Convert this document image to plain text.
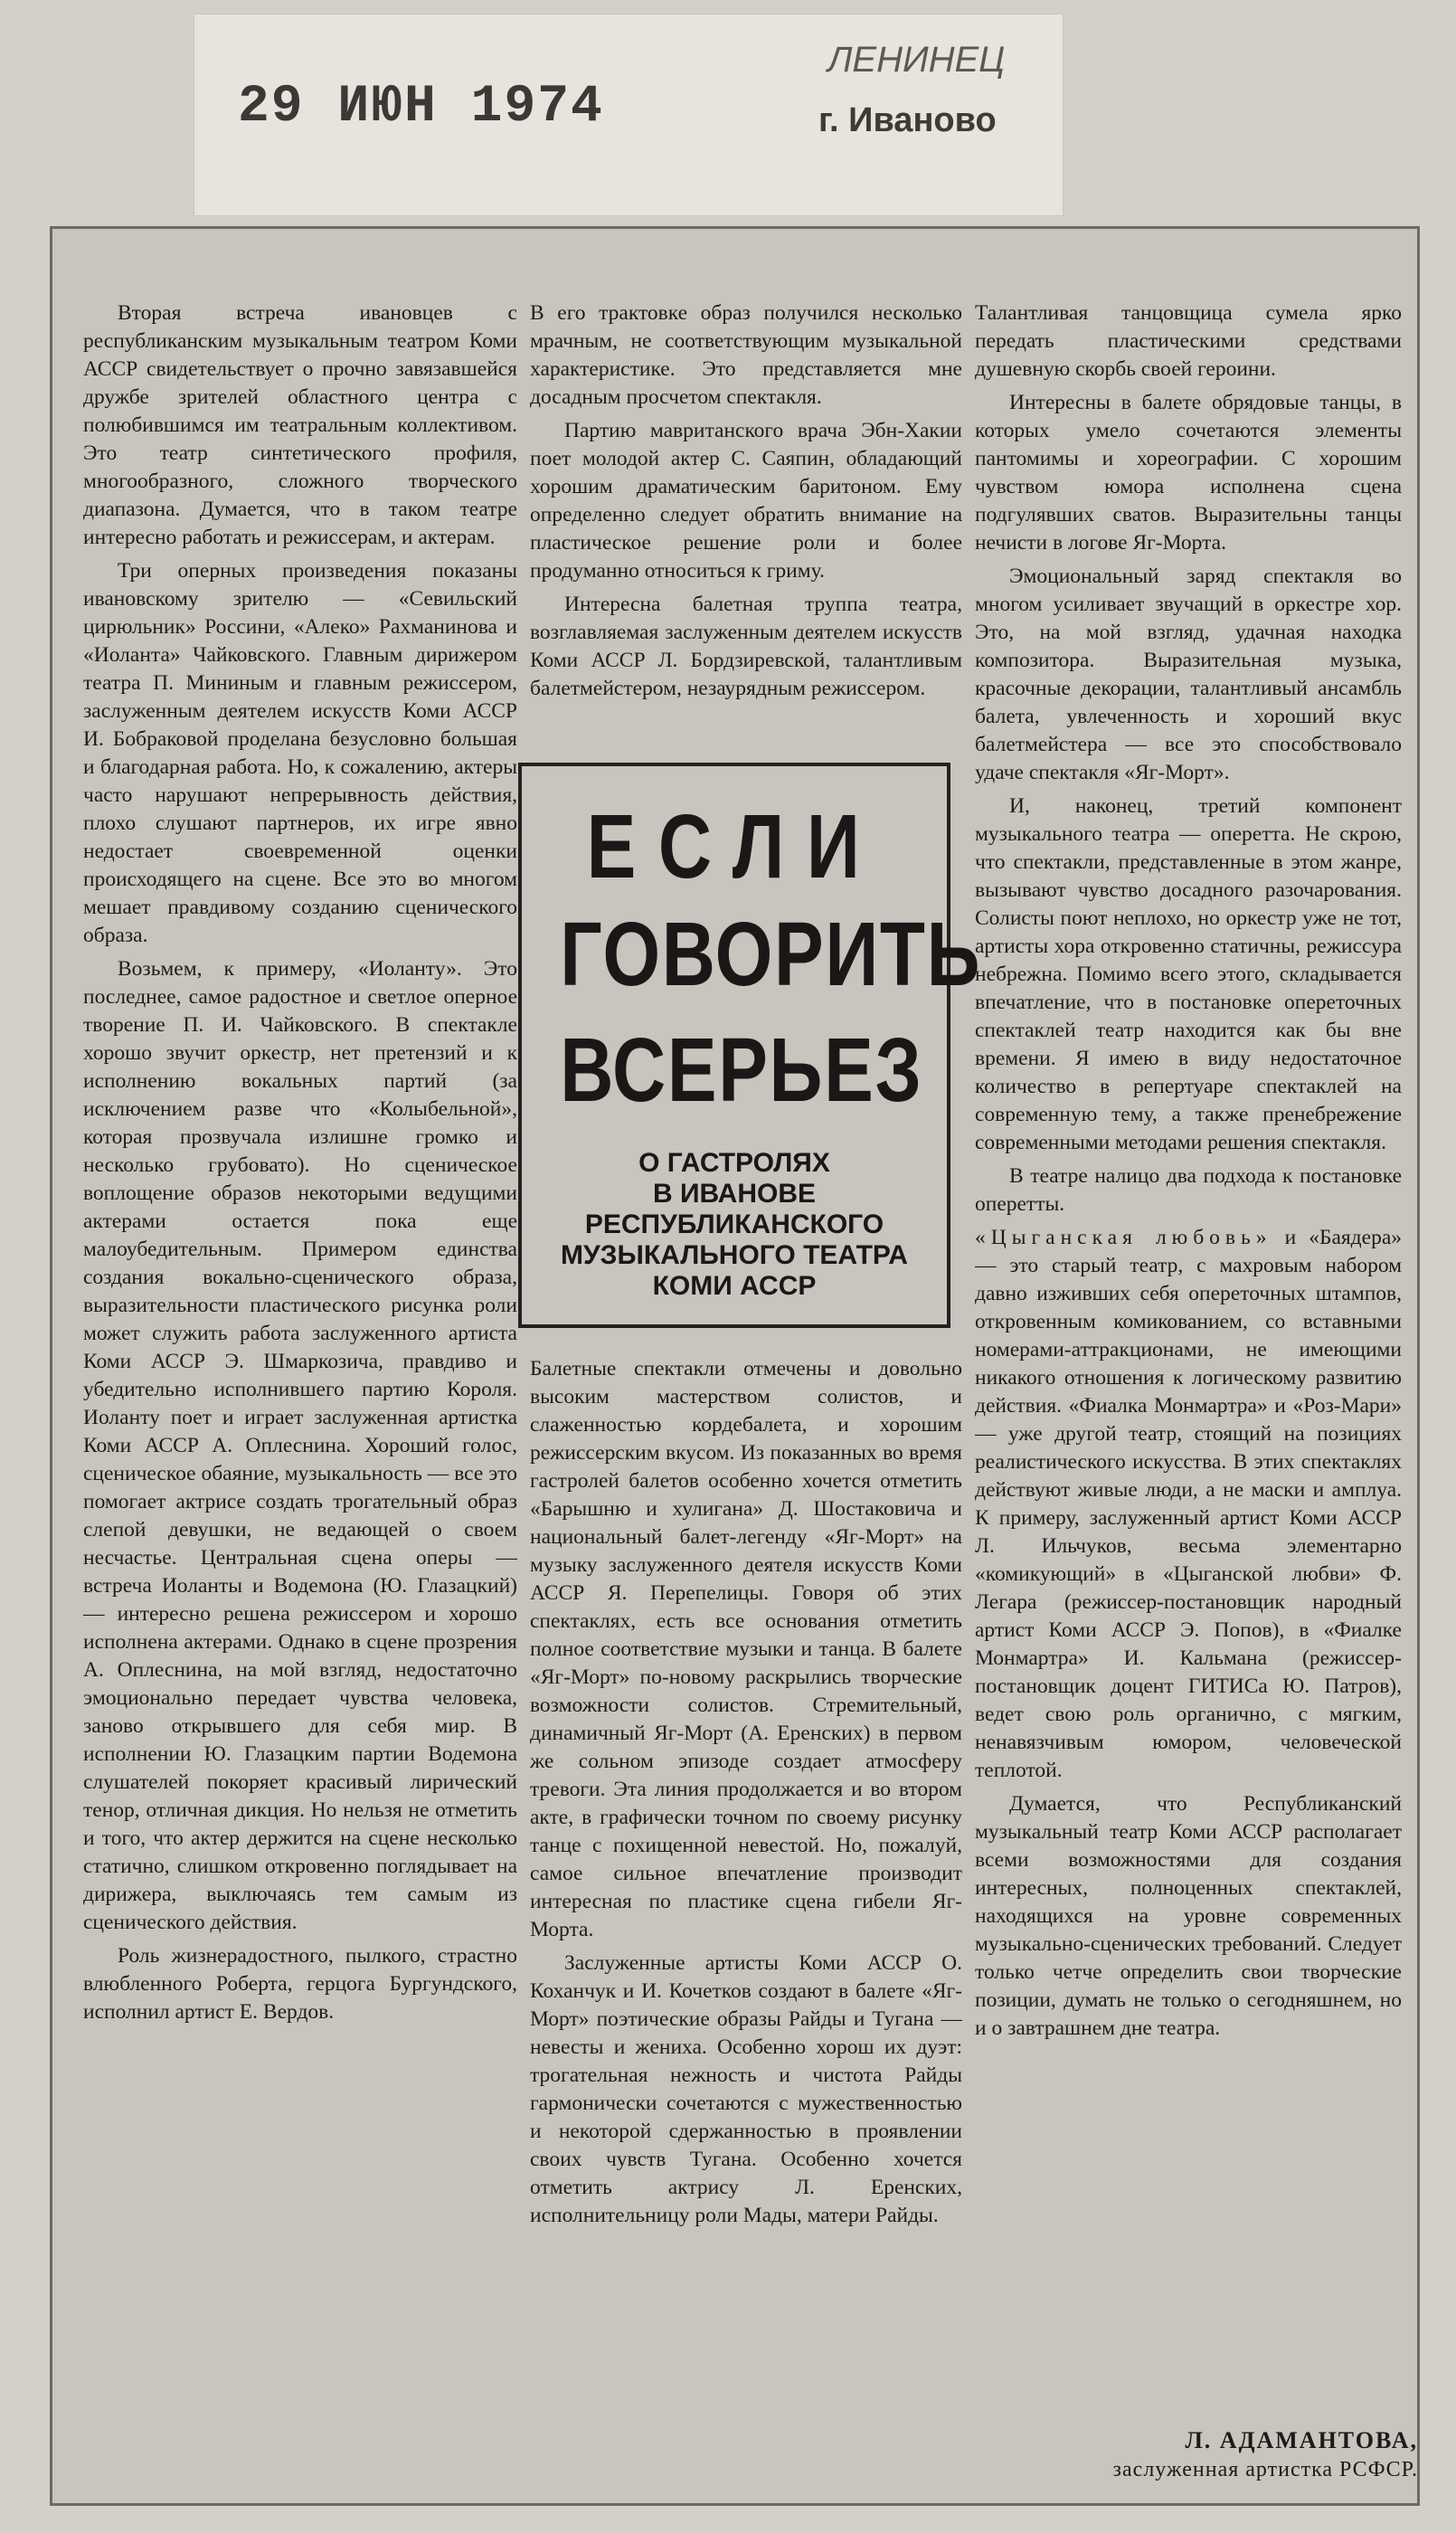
29 ИЮН 1974
ЛЕНИНЕЦ
г. Иваново

Вторая встреча ивановцев с республиканским музыкальным театром Коми АССР свидетельствует о прочно завязавшейся дружбе зрителей областного центра с полюбившимся им театральным коллективом. Это театр синтетического профиля, многообразного, сложного творческого диапазона. Думается, что в таком театре интересно работать и режиссерам, и актерам.

Три оперных произведения показаны ивановскому зрителю — «Севильский цирюльник» Россини, «Алеко» Рахманинова и «Иоланта» Чайковского. Главным дирижером театра П. Мининым и главным режиссером, заслуженным деятелем искусств Коми АССР И. Бобраковой проделана безусловно большая и благодарная работа. Но, к сожалению, актеры часто нарушают непрерывность действия, плохо слушают партнеров, их игре явно недостает своевременной оценки происходящего на сцене. Все это во многом мешает правдивому созданию сценического образа.

Возьмем, к примеру, «Иоланту». Это последнее, самое радостное и светлое оперное творение П. И. Чайковского. В спектакле хорошо звучит оркестр, нет претензий и к исполнению вокальных партий (за исключением разве что «Колыбельной», которая прозвучала излишне громко и несколько грубовато). Но сценическое воплощение образов некоторыми ведущими актерами остается пока еще малоубедительным. Примером единства создания вокально-сценического образа, выразительности пластического рисунка роли может служить работа заслуженного артиста Коми АССР Э. Шмаркозича, правдиво и убедительно исполнившего партию Короля. Иоланту поет и играет заслуженная артистка Коми АССР А. Оплеснина. Хороший голос, сценическое обаяние, музыкальность — все это помогает актрисе создать трогательный образ слепой девушки, не ведающей о своем несчастье. Центральная сцена оперы — встреча Иоланты и Водемона (Ю. Глазацкий) — интересно решена режиссером и хорошо исполнена актерами. Однако в сцене прозрения А. Оплеснина, на мой взгляд, недостаточно эмоционально передает чувства человека, заново открывшего для себя мир. В исполнении Ю. Глазацким партии Водемона слушателей покоряет красивый лирический тенор, отличная дикция. Но нельзя не отметить и того, что актер держится на сцене несколько статично, слишком откровенно поглядывает на дирижера, выключаясь тем самым из сценического действия.

Роль жизнерадостного, пылкого, страстно влюбленного Роберта, герцога Бургундского, исполнил артист Е. Вердов.

В его трактовке образ получился несколько мрачным, не соответствующим музыкальной характеристике. Это представляется мне досадным просчетом спектакля.

Партию мавританского врача Эбн-Хакии поет молодой актер С. Саяпин, обладающий хорошим драматическим баритоном. Ему определенно следует обратить внимание на пластическое решение роли и более продуманно относиться к гриму.

Интересна балетная труппа театра, возглавляемая заслуженным деятелем искусств Коми АССР Л. Бордзиревской, талантливым балетмейстером, незаурядным режиссером.

ЕСЛИ
ГОВОРИТЬ
ВСЕРЬЕЗ
О ГАСТРОЛЯХ
В ИВАНОВЕ
РЕСПУБЛИКАНСКОГО
МУЗЫКАЛЬНОГО ТЕАТРА
КОМИ АССР

Балетные спектакли отмечены и довольно высоким мастерством солистов, и слаженностью кордебалета, и хорошим режиссерским вкусом. Из показанных во время гастролей балетов особенно хочется отметить «Барышню и хулигана» Д. Шостаковича и национальный балет-легенду «Яг-Морт» на музыку заслуженного деятеля искусств Коми АССР Я. Перепелицы. Говоря об этих спектаклях, есть все основания отметить полное соответствие музыки и танца. В балете «Яг-Морт» по-новому раскрылись творческие возможности солистов. Стремительный, динамичный Яг-Морт (А. Еренских) в первом же сольном эпизоде создает атмосферу тревоги. Эта линия продолжается и во втором акте, в графически точном по своему рисунку танце с похищенной невестой. Но, пожалуй, самое сильное впечатление производит интересная по пластике сцена гибели Яг-Морта.

Заслуженные артисты Коми АССР О. Коханчук и И. Кочетков создают в балете «Яг-Морт» поэтические образы Райды и Тугана — невесты и жениха. Особенно хорош их дуэт: трогательная нежность и чистота Райды гармонически сочетаются с мужественностью и некоторой сдержанностью в проявлении своих чувств Тугана. Особенно хочется отметить актрису Л. Еренских, исполнительницу роли Мады, матери Райды.

Талантливая танцовщица сумела ярко передать пластическими средствами душевную скорбь своей героини.

Интересны в балете обрядовые танцы, в которых умело сочетаются элементы пантомимы и хореографии. С хорошим чувством юмора исполнена сцена подгулявших сватов. Выразительны танцы нечисти в логове Яг-Морта.

Эмоциональный заряд спектакля во многом усиливает звучащий в оркестре хор. Это, на мой взгляд, удачная находка композитора. Выразительная музыка, красочные декорации, талантливый ансамбль балета, увлеченность и хороший вкус балетмейстера — все это способствовало удаче спектакля «Яг-Морт».

И, наконец, третий компонент музыкального театра — оперетта. Не скрою, что спектакли, представленные в этом жанре, вызывают чувство досадного разочарования. Солисты поют неплохо, но оркестр уже не тот, артисты хора откровенно статичны, режиссура небрежна. Помимо всего этого, складывается впечатление, что в постановке опереточных спектаклей театр находится как бы вне времени. Я имею в виду недостаточное количество в репертуаре спектаклей на современную тему, а также пренебрежение современными методами решения спектакля.

В театре налицо два подхода к постановке оперетты.

«Цыганская любовь» и «Баядера» — это старый театр, с махровым набором давно изживших себя опереточных штампов, откровенным комикованием, со вставными номерами-аттракционами, не имеющими никакого отношения к логическому развитию действия. «Фиалка Монмартра» и «Роз-Мари» — уже другой театр, стоящий на позициях реалистического искусства. В этих спектаклях действуют живые люди, а не маски и амплуа. К примеру, заслуженный артист Коми АССР Л. Ильчуков, весьма элементарно «комикующий» в «Цыганской любви» Ф. Легара (режиссер-постановщик народный артист Коми АССР Э. Попов), в «Фиалке Монмартра» И. Кальмана (режиссер-постановщик доцент ГИТИСа Ю. Патров), ведет свою роль органично, с мягким, ненавязчивым юмором, человеческой теплотой.

Думается, что Республиканский музыкальный театр Коми АССР располагает всеми возможностями для создания интересных, полноценных спектаклей, находящихся на уровне современных музыкально-сценических требований. Следует только четче определить свои творческие позиции, думать не только о сегодняшнем, но и о завтрашнем дне театра.

Л. АДАМАНТОВА,
заслуженная артистка РСФСР.
